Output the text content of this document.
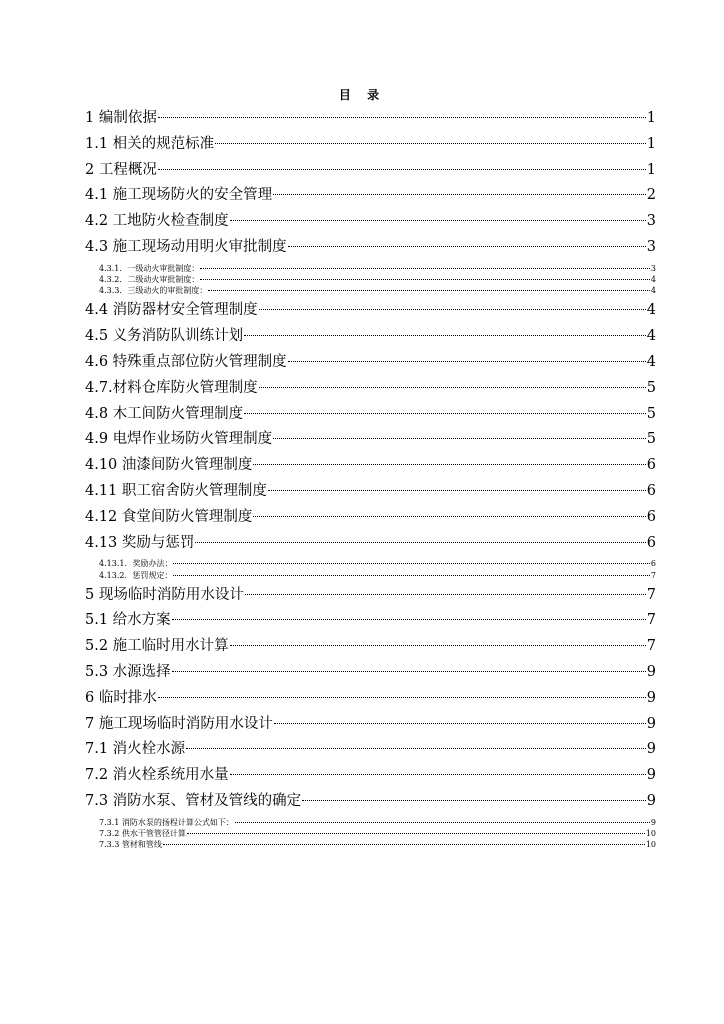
目 录
1 编制依据	1
1.1 相关的规范标准	1
2 工程概况	1
4.1 施工现场防火的安全管理	2
4.2 工地防火检查制度	3
4.3 施工现场动用明火审批制度	3
4.3.1．一级动火审批制度：	3
4.3.2．二级动火审批制度：	4
4.3.3．三级动火的审批制度：	4
4.4 消防器材安全管理制度	4
4.5 义务消防队训练计划	4
4.6 特殊重点部位防火管理制度	4
4.7.材料仓库防火管理制度	5
4.8 木工间防火管理制度	5
4.9 电焊作业场防火管理制度	5
4.10 油漆间防火管理制度	6
4.11 职工宿舍防火管理制度	6
4.12 食堂间防火管理制度	6
4.13 奖励与惩罚	6
4.13.1．奖励办法：	6
4.13.2．惩罚规定：	7
5 现场临时消防用水设计	7
5.1 给水方案	7
5.2 施工临时用水计算	7
5.3 水源选择	9
6 临时排水	9
7 施工现场临时消防用水设计	9
7.1 消火栓水源	9
7.2 消火栓系统用水量	9
7.3 消防水泵、管材及管线的确定	9
7.3.1 消防水泵的扬程计算公式如下：	9
7.3.2 供水干管管径计算	10
7.3.3 管材和管线	10
